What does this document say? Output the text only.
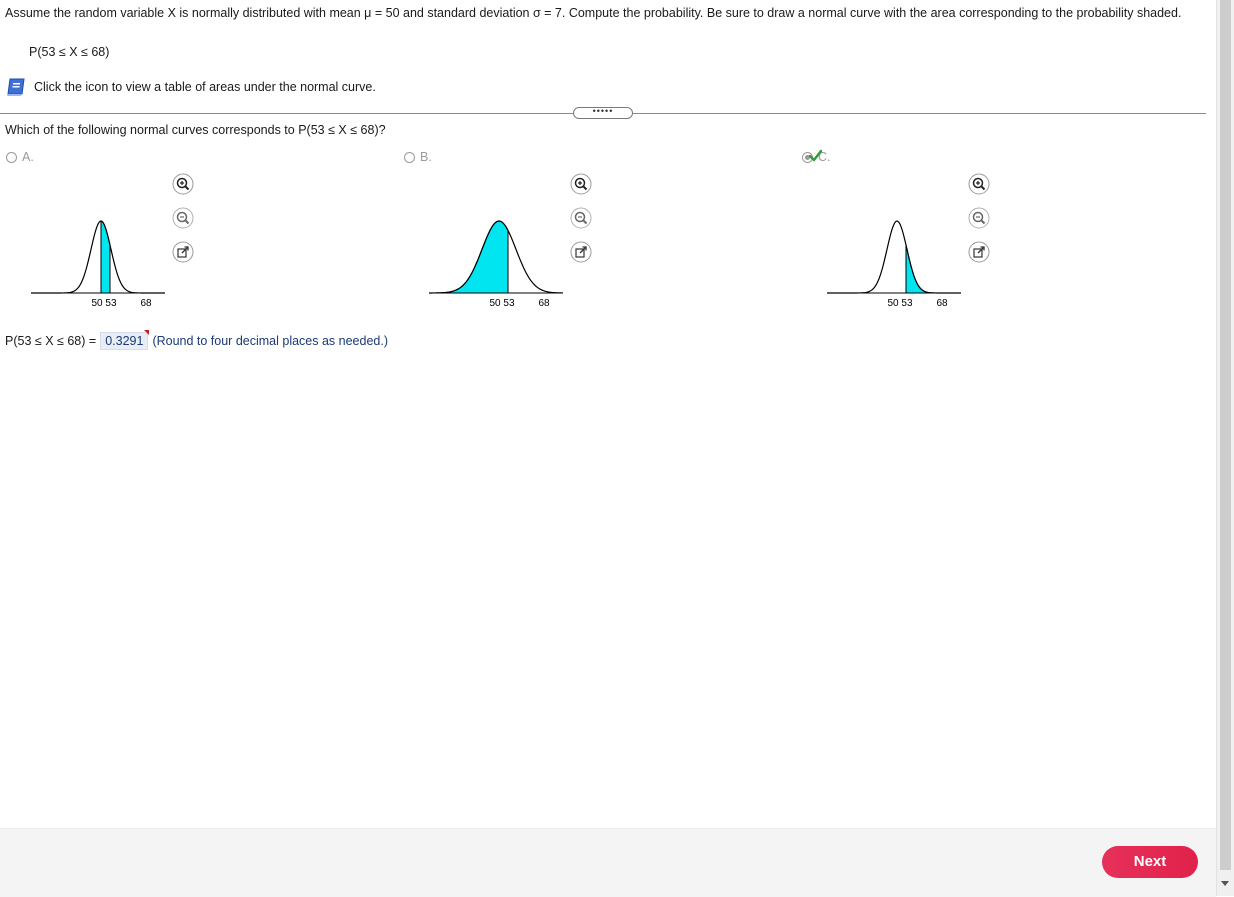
Assume the random variable X is normally distributed with mean μ = 50 and standard deviation σ = 7. Compute the probability. Be sure to draw a normal curve with the area corresponding to the probability shaded.
P(53 ≤ X ≤ 68)
Click the icon to view a table of areas under the normal curve.
•••••
Which of the following normal curves corresponds to P(53 ≤ X ≤ 68)?
A.
50 53 68
B.
50 53 68
C.
50 53 68
P(53 ≤ X ≤ 68) = 0.3291 (Round to four decimal places as needed.)
Next
